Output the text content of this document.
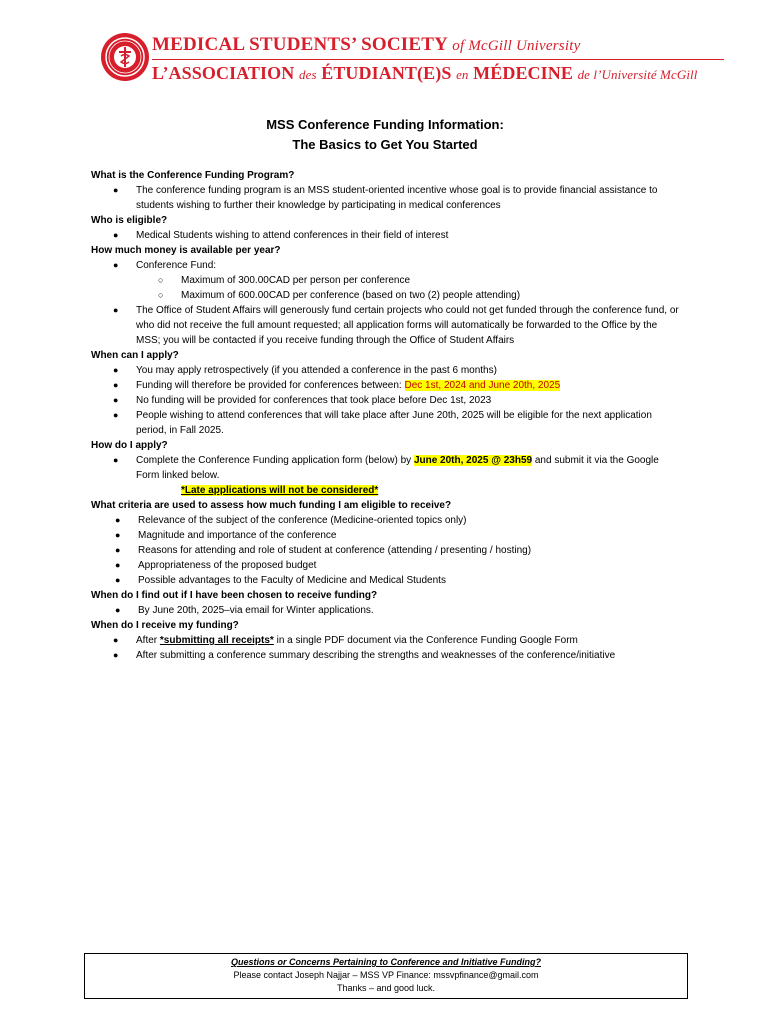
MEDICAL STUDENTS’ SOCIETY of McGill University
L’ASSOCIATION des ÉTUDIANT(E)S en MÉDECINE de l’Université McGill
MSS Conference Funding Information:
The Basics to Get You Started

What is the Conference Funding Program?

● The conference funding program is an MSS student-oriented incentive whose goal is to provide financial assistance to students wishing to further their knowledge by participating in medical conferences

Who is eligible?

● Medical Students wishing to attend conferences in their field of interest

How much money is available per year?

● Conference Fund:
○ Maximum of 300.00CAD per person per conference
○ Maximum of 600.00CAD per conference (based on two (2) people attending)
● The Office of Student Affairs will generously fund certain projects who could not get funded through the conference fund, or who did not receive the full amount requested; all application forms will automatically be forwarded to the Office by the MSS; you will be contacted if you receive funding through the Office of Student Affairs

When can I apply?

● You may apply retrospectively (if you attended a conference in the past 6 months)
● Funding will therefore be provided for conferences between: Dec 1st, 2024 and June 20th, 2025
● No funding will be provided for conferences that took place before Dec 1st, 2023
● People wishing to attend conferences that will take place after June 20th, 2025 will be eligible for the next application period, in Fall 2025.

How do I apply?

● Complete the Conference Funding application form (below) by June 20th, 2025 @ 23h59 and submit it via the Google Form linked below.
*Late applications will not be considered*

What criteria are used to assess how much funding I am eligible to receive?

● Relevance of the subject of the conference (Medicine-oriented topics only)
● Magnitude and importance of the conference
● Reasons for attending and role of student at conference (attending / presenting / hosting)
● Appropriateness of the proposed budget
● Possible advantages to the Faculty of Medicine and Medical Students

When do I find out if I have been chosen to receive funding?

● By June 20th, 2025–via email for Winter applications.

When do I receive my funding?

● After *submitting all receipts* in a single PDF document via the Conference Funding Google Form
● After submitting a conference summary describing the strengths and weaknesses of the conference/initiative
Questions or Concerns Pertaining to Conference and Initiative Funding?
Please contact Joseph Najjar – MSS VP Finance: mssvpfinance@gmail.com
Thanks – and good luck.
